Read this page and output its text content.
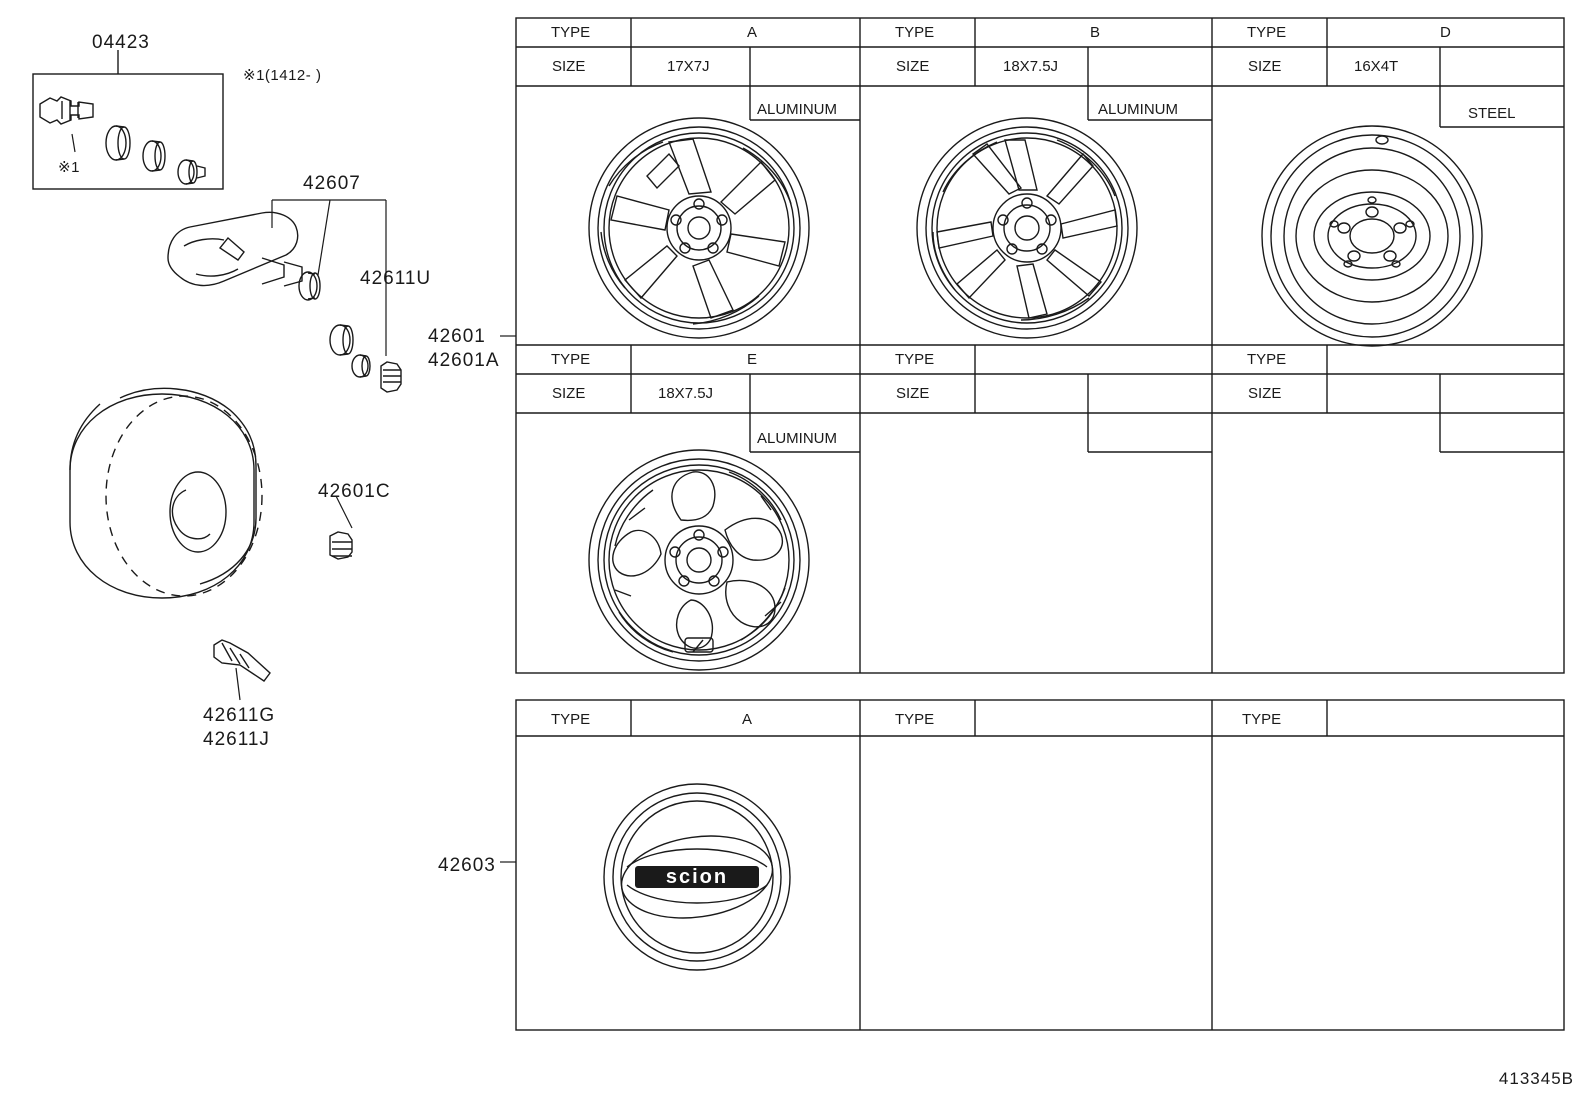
scion
04423
42607
42611U
42601
42601A
42601C
42611G
42611J
42603
※1(1412- )
※1
TYPE	A
SIZE	17X7J
ALUMINUM
TYPE	B
SIZE	18X7.5J
ALUMINUM
TYPE	D
SIZE	16X4T
STEEL
TYPE	E
SIZE	18X7.5J
ALUMINUM
TYPE
SIZE
TYPE
SIZE
TYPE	A	TYPE	TYPE
413345B
